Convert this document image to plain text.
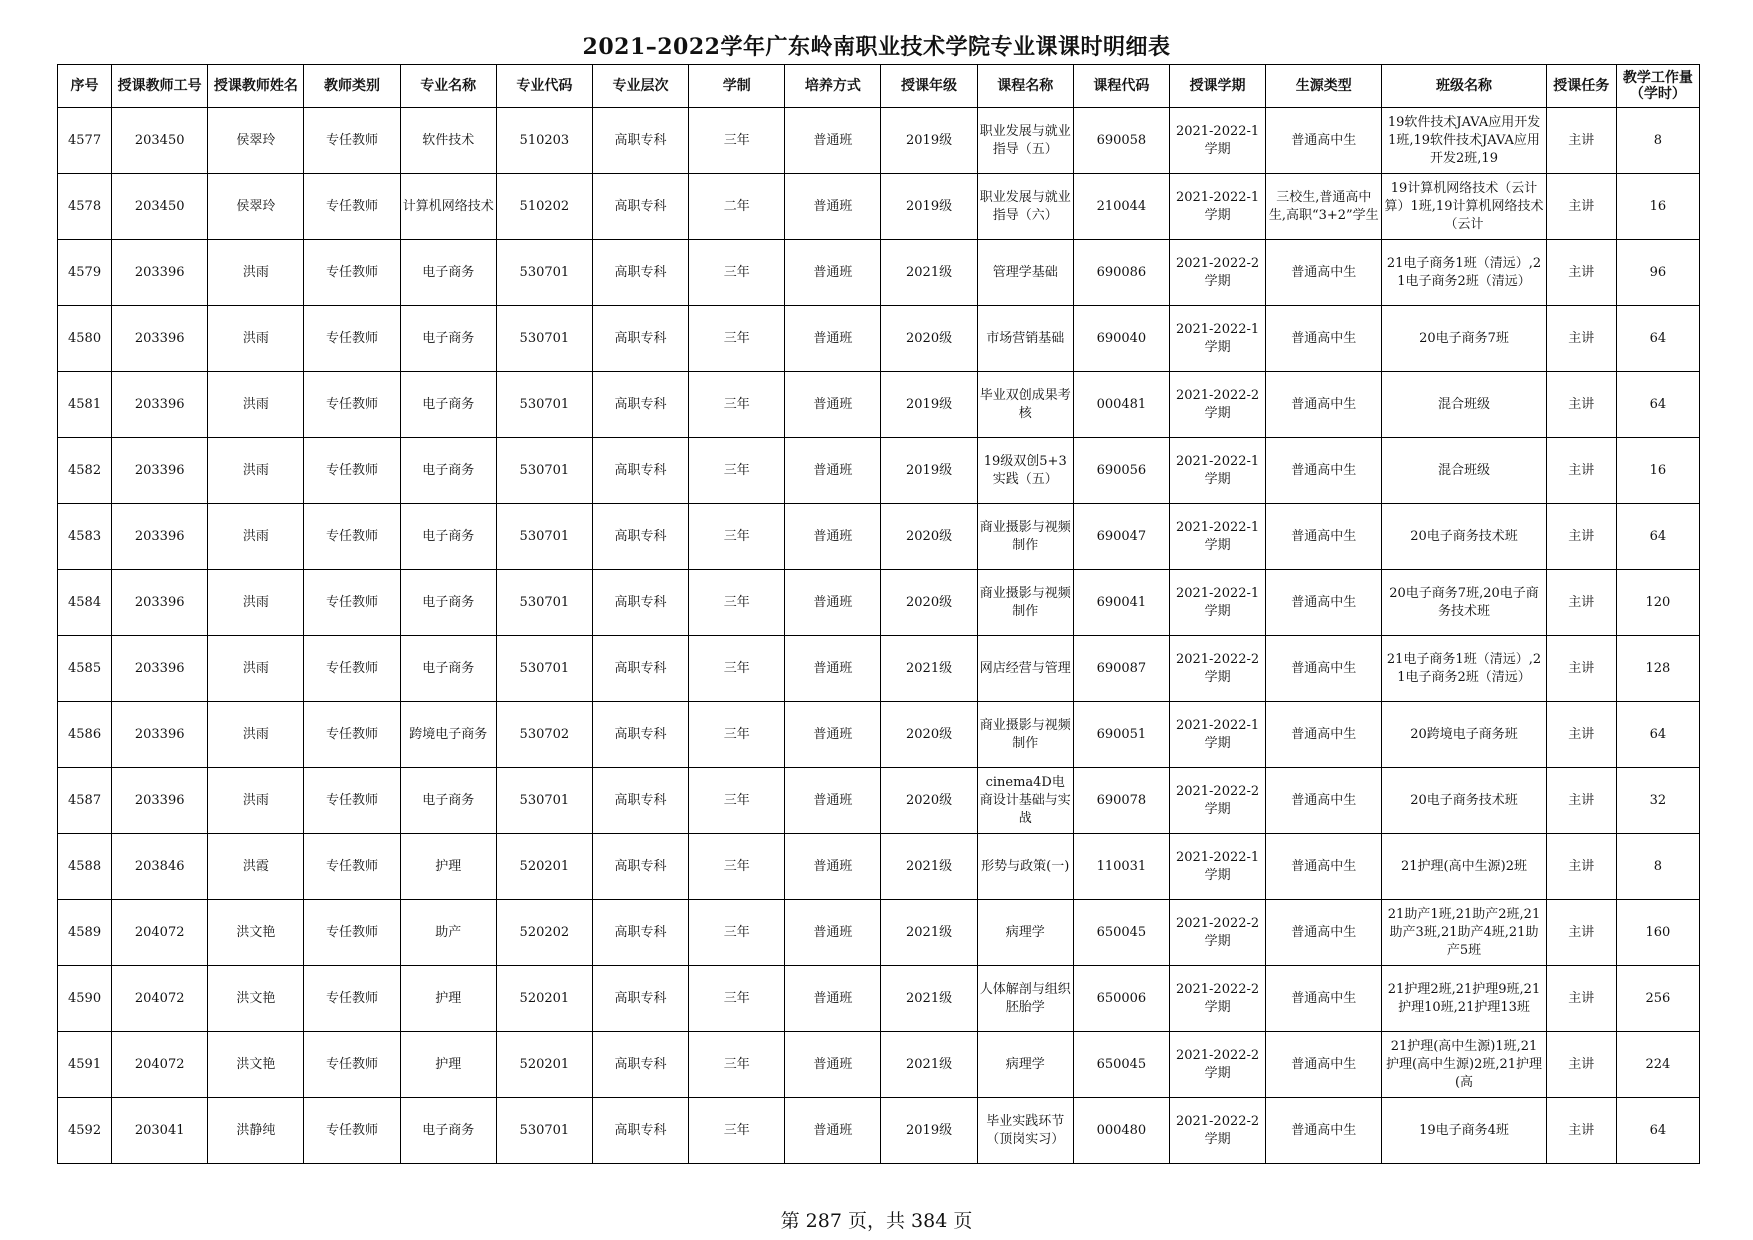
2021–2022学年广东岭南职业技术学院专业课课时明细表
序号	授课教师工号	授课教师姓名	教师类别	专业名称	专业代码	专业层次	学制	培养方式	授课年级	课程名称	课程代码	授课学期	生源类型	班级名称	授课任务	教学工作量（学时）

4577	203450	侯翠玲	专任教师	软件技术	510203	高职专科	三年	普通班	2019级	职业发展与就业指导（五）	690058	2021-2022-1学期	普通高中生	19软件技术JAVA应用开发1班,19软件技术JAVA应用开发2班,19	主讲	8

4578	203450	侯翠玲	专任教师	计算机网络技术	510202	高职专科	二年	普通班	2019级	职业发展与就业指导（六）	210044	2021-2022-1学期	三校生,普通高中生,高职“3+2”学生	19计算机网络技术（云计算）1班,19计算机网络技术（云计	主讲	16

4579	203396	洪雨	专任教师	电子商务	530701	高职专科	三年	普通班	2021级	管理学基础	690086	2021-2022-2学期	普通高中生	21电子商务1班（清远）,21电子商务2班（清远）	主讲	96

4580	203396	洪雨	专任教师	电子商务	530701	高职专科	三年	普通班	2020级	市场营销基础	690040	2021-2022-1学期	普通高中生	20电子商务7班	主讲	64

4581	203396	洪雨	专任教师	电子商务	530701	高职专科	三年	普通班	2019级	毕业双创成果考核	000481	2021-2022-2学期	普通高中生	混合班级	主讲	64

4582	203396	洪雨	专任教师	电子商务	530701	高职专科	三年	普通班	2019级	19级双创5+3实践（五）	690056	2021-2022-1学期	普通高中生	混合班级	主讲	16

4583	203396	洪雨	专任教师	电子商务	530701	高职专科	三年	普通班	2020级	商业摄影与视频制作	690047	2021-2022-1学期	普通高中生	20电子商务技术班	主讲	64

4584	203396	洪雨	专任教师	电子商务	530701	高职专科	三年	普通班	2020级	商业摄影与视频制作	690041	2021-2022-1学期	普通高中生	20电子商务7班,20电子商务技术班	主讲	120

4585	203396	洪雨	专任教师	电子商务	530701	高职专科	三年	普通班	2021级	网店经营与管理	690087	2021-2022-2学期	普通高中生	21电子商务1班（清远）,21电子商务2班（清远）	主讲	128

4586	203396	洪雨	专任教师	跨境电子商务	530702	高职专科	三年	普通班	2020级	商业摄影与视频制作	690051	2021-2022-1学期	普通高中生	20跨境电子商务班	主讲	64

4587	203396	洪雨	专任教师	电子商务	530701	高职专科	三年	普通班	2020级	cinema4D电商设计基础与实战	690078	2021-2022-2学期	普通高中生	20电子商务技术班	主讲	32

4588	203846	洪霞	专任教师	护理	520201	高职专科	三年	普通班	2021级	形势与政策(一)	110031	2021-2022-1学期	普通高中生	21护理(高中生源)2班	主讲	8

4589	204072	洪文艳	专任教师	助产	520202	高职专科	三年	普通班	2021级	病理学	650045	2021-2022-2学期	普通高中生	21助产1班,21助产2班,21助产3班,21助产4班,21助产5班	主讲	160

4590	204072	洪文艳	专任教师	护理	520201	高职专科	三年	普通班	2021级	人体解剖与组织胚胎学	650006	2021-2022-2学期	普通高中生	21护理2班,21护理9班,21护理10班,21护理13班	主讲	256

4591	204072	洪文艳	专任教师	护理	520201	高职专科	三年	普通班	2021级	病理学	650045	2021-2022-2学期	普通高中生	21护理(高中生源)1班,21护理(高中生源)2班,21护理(高	主讲	224

4592	203041	洪静纯	专任教师	电子商务	530701	高职专科	三年	普通班	2019级	毕业实践环节（顶岗实习）	000480	2021-2022-2学期	普通高中生	19电子商务4班	主讲	64
第 287 页，共 384 页
